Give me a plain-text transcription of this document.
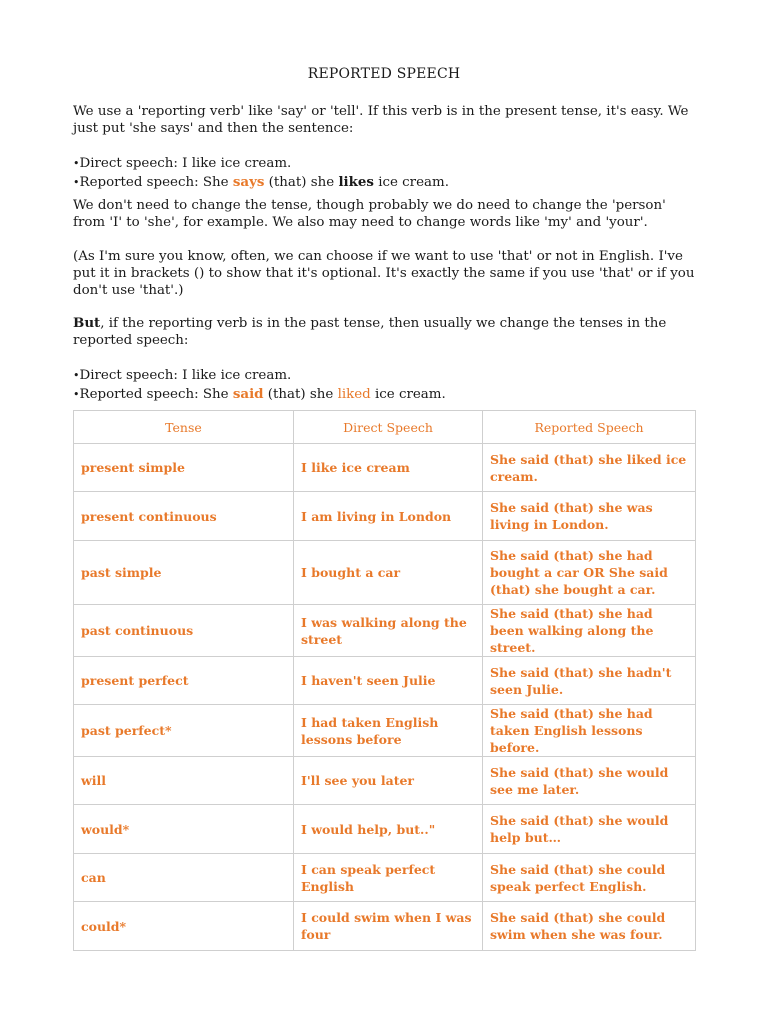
REPORTED SPEECH

We use a 'reporting verb' like 'say' or 'tell'. If this verb is in the present tense, it's easy. We just put 'she says' and then the sentence:

•Direct speech: I like ice cream.
•Reported speech: She says (that) she likes ice cream.

We don't need to change the tense, though probably we do need to change the 'person' from 'I' to 'she', for example. We also may need to change words like 'my' and 'your'.

(As I'm sure you know, often, we can choose if we want to use 'that' or not in English. I've put it in brackets () to show that it's optional. It's exactly the same if you use 'that' or if you don't use 'that'.)

But, if the reporting verb is in the past tense, then usually we change the tenses in the reported speech:

•Direct speech: I like ice cream.
•Reported speech: She said (that) she liked ice cream.
Tense	Direct Speech	Reported Speech
present simple	I like ice cream	She said (that) she liked ice cream.
present continuous	I am living in London	She said (that) she was living in London.
past simple	I bought a car	She said (that) she had bought a car OR She said (that) she bought a car.
past continuous	I was walking along the street	She said (that) she had been walking along the street.
present perfect	I haven't seen Julie	She said (that) she hadn't seen Julie.
past perfect*	I had taken English lessons before	She said (that) she had taken English lessons before.
will	I'll see you later	She said (that) she would see me later.
would*	I would help, but.."	She said (that) she would help but…
can	I can speak perfect English	She said (that) she could speak perfect English.
could*	I could swim when I was four	She said (that) she could swim when she was four.
